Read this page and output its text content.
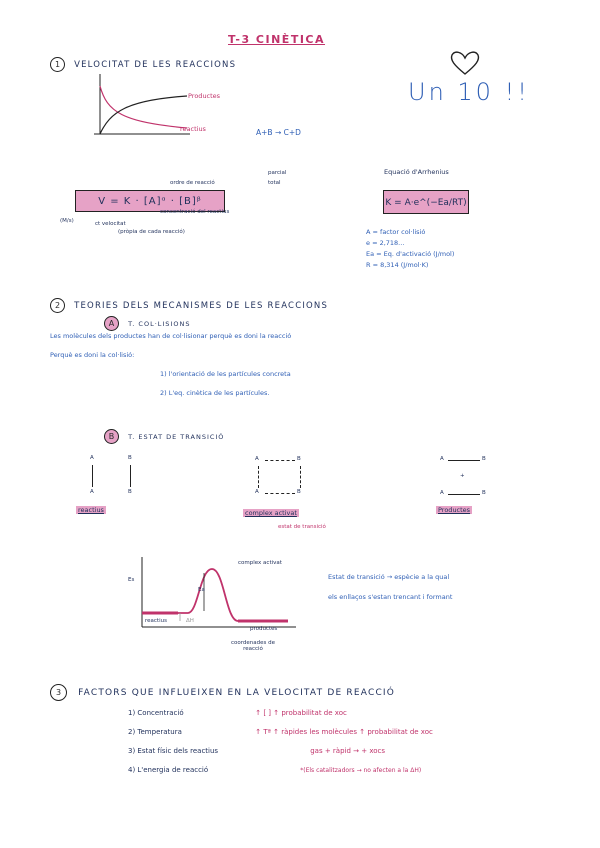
T-3 CINÈTICA
Un 10 !!
1 VELOCITAT DE LES REACCIONS
Productes
reactius	A+B → C+D
V = K · [A]ᵅ · [B]ᵝ
ordre de reacció
parcial
total
concentració del reactius
(M/s)	ct velocitat
(pròpia de cada reacció)
Equació d'Arrhenius
K = A·e^(−Ea/RT)
A = factor col·lisió
e = 2,718...
Ea = Eq. d'activació (J/mol)
R = 8,314 (J/mol·K)
2 TEORIES DELS MECANISMES DE LES REACCIONS
A T. COL·LISIONS
Les molècules dels productes han de col·lisionar perquè es doni la reacció
Perquè es doni la col·lisió:
1) l'orientació de les partícules concreta
2) L'eq. cinètica de les partícules.
B T. ESTAT DE TRANSICIÓ
A	B
A	B
reactius
A	B
A	B
complex activat
estat de transició
A	B
+
A	B
Productes
Es
Ea
complex activat
reactius	ΔH
productes
coordenades de reacció
Estat de transició → espècie a la qual
els enllaços s'estan trencant i formant
3 FACTORS QUE INFLUEIXEN EN LA VELOCITAT DE REACCIÓ
1) Concentració	↑ [ ] ↑ probabilitat de xoc
2) Temperatura	↑ Tª ↑ ràpides les molècules ↑ probabilitat de xoc
3) Estat físic dels reactius	gas + ràpid → + xocs
4) L'energia de reacció	*(Els catalitzadors → no afecten a la ΔH)
